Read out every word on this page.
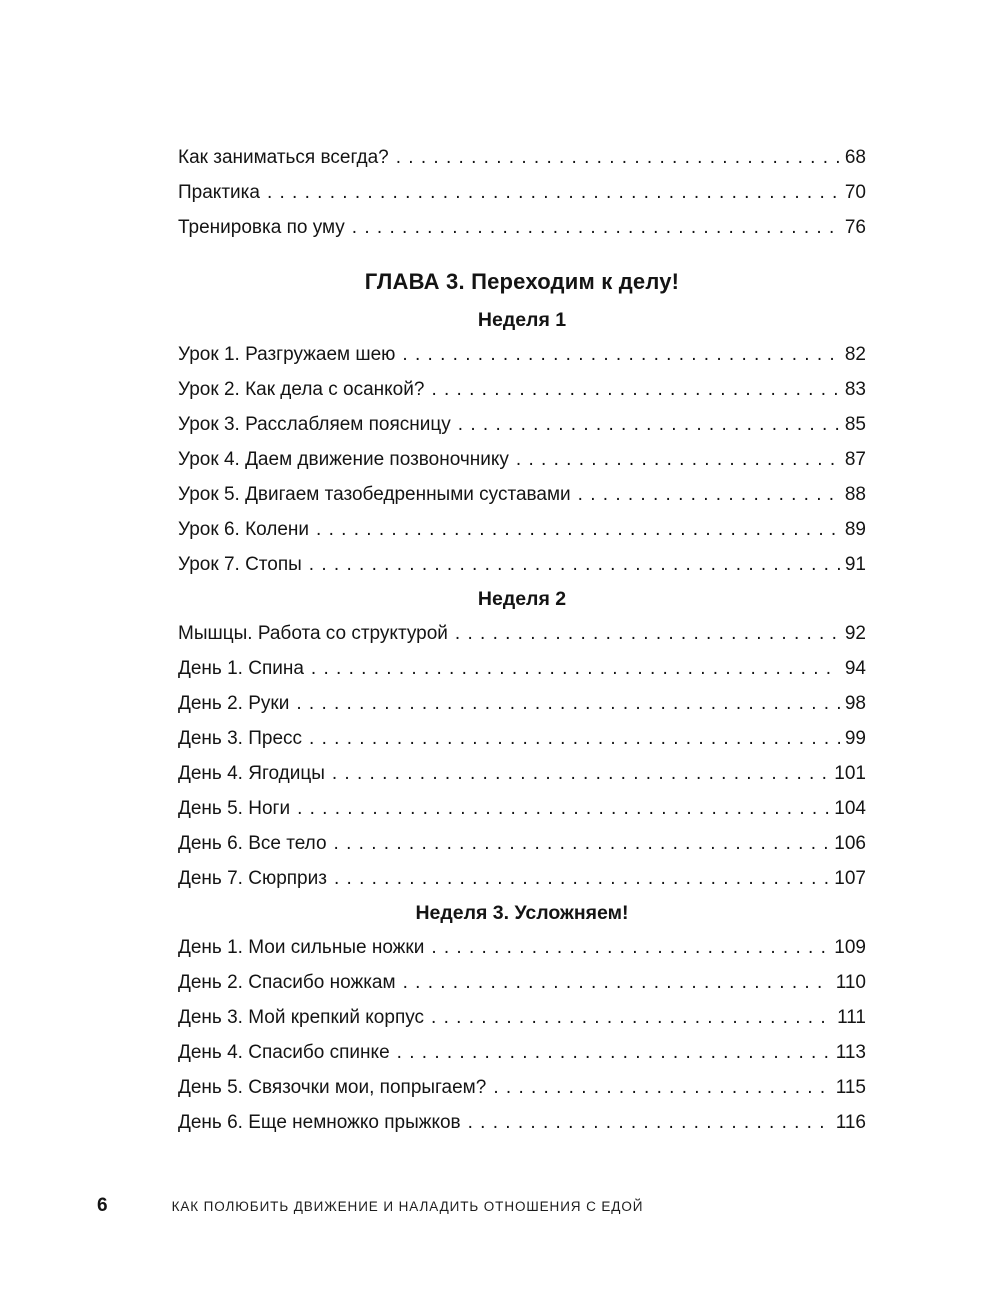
Как заниматься всегда? . . .	68
Практика . . .	70
Тренировка по уму . . .	76
ГЛАВА 3. Переходим к делу!
Неделя 1
Урок 1. Разгружаем шею . . .	82
Урок 2. Как дела с осанкой? . . .	83
Урок 3. Расслабляем поясницу . . .	85
Урок 4. Даем движение позвоночнику . . .	87
Урок 5. Двигаем тазобедренными суставами . . .	88
Урок 6. Колени . . .	89
Урок 7. Стопы . . .	91
Неделя 2
Мышцы. Работа со структурой . . .	92
День 1. Спина . . .	94
День 2. Руки . . .	98
День 3. Пресс . . .	99
День 4. Ягодицы . . .	101
День 5. Ноги . . .	104
День 6. Все тело . . .	106
День 7. Сюрприз . . .	107
Неделя 3. Усложняем!
День 1. Мои сильные ножки . . .	109
День 2. Спасибо ножкам . . .	110
День 3. Мой крепкий корпус . . .	111
День 4. Спасибо спинке . . .	113
День 5. Связочки мои, попрыгаем? . . .	115
День 6. Еще немножко прыжков . . .	116
6	КАК ПОЛЮБИТЬ ДВИЖЕНИЕ И НАЛАДИТЬ ОТНОШЕНИЯ С ЕДОЙ
